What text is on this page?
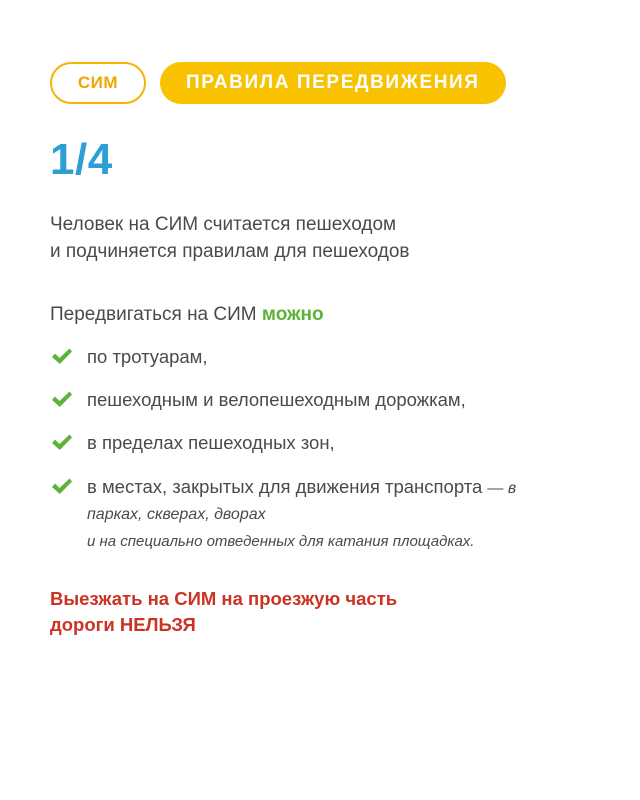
СИМ	ПРАВИЛА ПЕРЕДВИЖЕНИЯ
1/4
Человек на СИМ считается пешеходом
и подчиняется правилам для пешеходов
Передвигаться на СИМ можно
по тротуарам,
пешеходным и велопешеходным дорожкам,
в пределах пешеходных зон,
в местах, закрытых для движения транспорта — в парках, скверах, дворах
и на специально отведенных для катания площадках.
Выезжать на СИМ на проезжую часть
дороги НЕЛЬЗЯ
